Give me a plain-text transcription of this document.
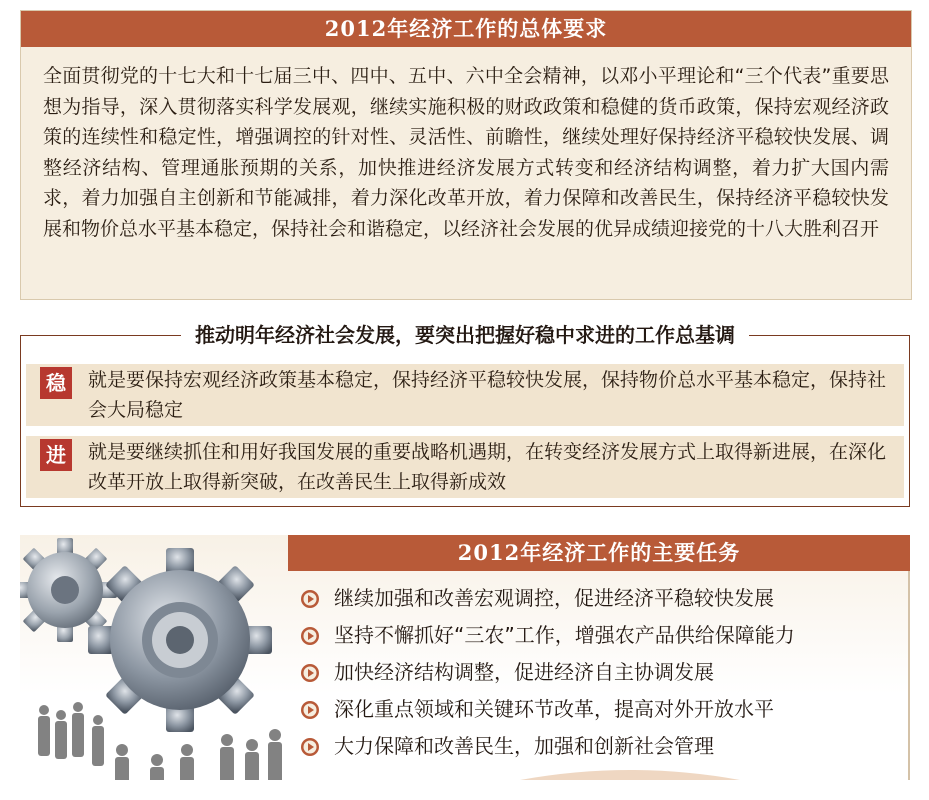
2012年经济工作的总体要求
全面贯彻党的十七大和十七届三中、四中、五中、六中全会精神，以邓小平理论和“三个代表”重要思想为指导，深入贯彻落实科学发展观，继续实施积极的财政政策和稳健的货币政策，保持宏观经济政策的连续性和稳定性，增强调控的针对性、灵活性、前瞻性，继续处理好保持经济平稳较快发展、调整经济结构、管理通胀预期的关系，加快推进经济发展方式转变和经济结构调整，着力扩大国内需求，着力加强自主创新和节能减排，着力深化改革开放，着力保障和改善民生，保持经济平稳较快发展和物价总水平基本稳定，保持社会和谐稳定，以经济社会发展的优异成绩迎接党的十八大胜利召开
推动明年经济社会发展，要突出把握好稳中求进的工作总基调
稳	就是要保持宏观经济政策基本稳定，保持经济平稳较快发展，保持物价总水平基本稳定，保持社会大局稳定
进	就是要继续抓住和用好我国发展的重要战略机遇期，在转变经济发展方式上取得新进展，在深化改革开放上取得新突破，在改善民生上取得新成效
2012年经济工作的主要任务
继续加强和改善宏观调控，促进经济平稳较快发展
坚持不懈抓好“三农”工作，增强农产品供给保障能力
加快经济结构调整，促进经济自主协调发展
深化重点领域和关键环节改革，提高对外开放水平
大力保障和改善民生，加强和创新社会管理
